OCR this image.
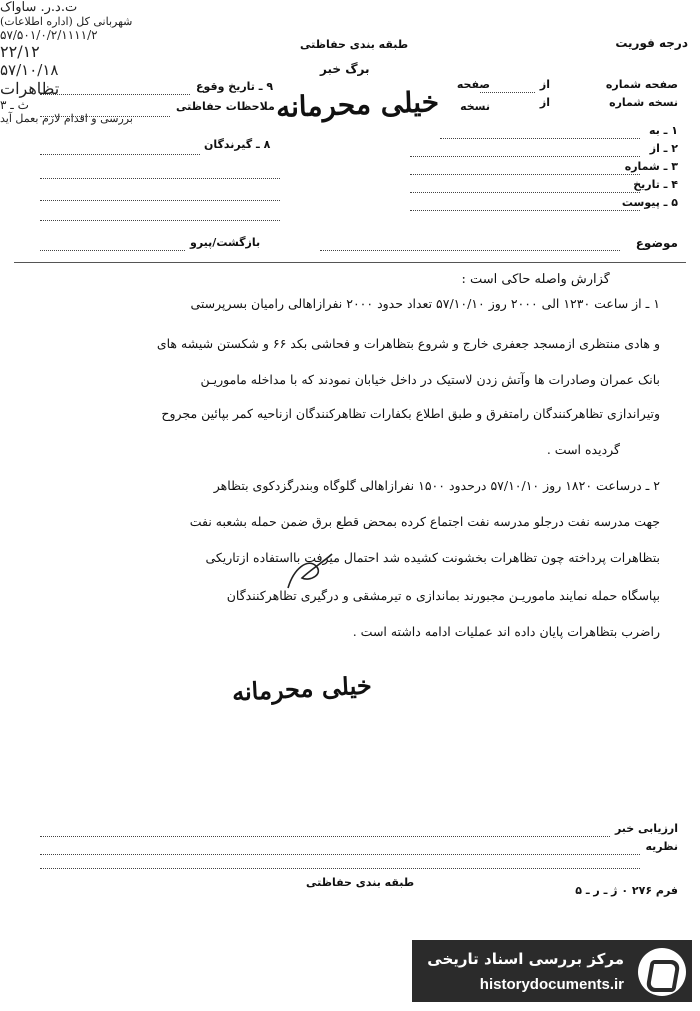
درجه فوریت
طبقه بندی حفاظتی
برگ خبر
خیلی محرمانه
۹ ـ تاریخ وقوع
ملاحظات حفاظتی
۸ ـ گیرندگان
صفحه شماره
از
صفحه
نسخه شماره
از
نسخه
۱ ـ به
ت.د.ر. ساواک
۲ ـ از
شهربانی کل (اداره اطلاعات)
۳ ـ شماره
۵۷/۵۰۱/۰/۲/۱۱۱۱/۲
۲۲/۱۲
۴ ـ تاریخ
۵۷/۱۰/۱۸
۵ ـ پیوست
موضوع
تظاهرات
بازگشت/پیرو
گزارش واصله حاکی است :
۱ ـ از ساعت ۱۲۳۰ الی ۲۰۰۰ روز ۵۷/۱۰/۱۰ تعداد حدود ۲۰۰۰ نفرازاهالی رامیان بسرپرستی
و هادی منتظری ازمسجد جعفری خارج و شروع بتظاهرات و فحاشی بکد ۶۶ و شکستن شیشه های
بانک عمران وصادرات ها وآتش زدن لاستیک در داخل خیابان نمودند که با مداخله ماموریـن
وتیراندازی تظاهرکنندگان رامتفرق و طبق اطلاع بکفارات تظاهرکنندگان ازناحیه کمر بپائین مجروح
گردیده است .
۲ ـ درساعت ۱۸۲۰ روز ۵۷/۱۰/۱۰ درحدود ۱۵۰۰ نفرازاهالی گلوگاه وبندرگزدکوی بتظاهر
جهت مدرسه نفت درجلو مدرسه نفت اجتماع کرده بمحض قطع برق ضمن حمله بشعبه نفت
بتظاهرات پرداخته چون تظاهرات بخشونت کشیده شد احتمال میرفت بااستفاده ازتاریکی
بپاسگاه حمله نمایند ماموریـن مجبورند بماندازی ه تیرمشقی و درگیری تظاهرکنندگان
راضرب بتظاهرات پایان داده اند عملیات ادامه داشته است .
خیلی محرمانه
ارزیابی خبر
ث ـ ۳
نظریه
بررسی و اقدام لازم بعمل آید
طبقه بندی حفاظتی
فرم ۲۷۶ ۰ ژ ـ ر ـ ۵
مرکز بررسی اسناد تاریخی
historydocuments.ir
